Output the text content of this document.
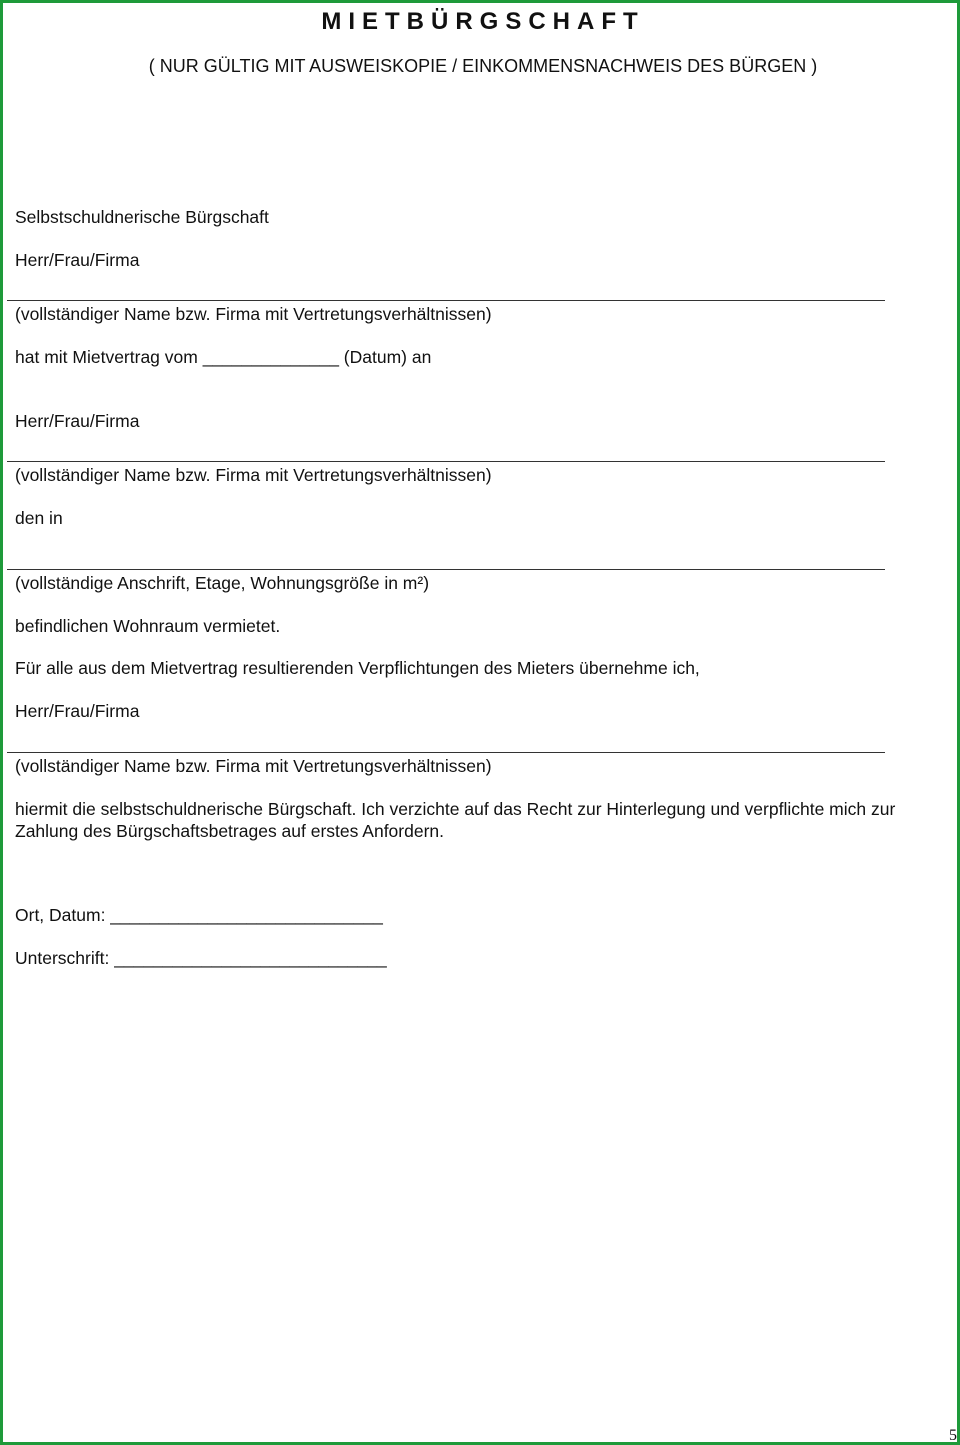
MIETBÜRGSCHAFT
( NUR GÜLTIG MIT AUSWEISKOPIE / EINKOMMENSNACHWEIS DES BÜRGEN )
Selbstschuldnerische Bürgschaft
Herr/Frau/Firma
(vollständiger Name bzw. Firma mit Vertretungsverhältnissen)
hat mit Mietvertrag vom ______________ (Datum) an
Herr/Frau/Firma
(vollständiger Name bzw. Firma mit Vertretungsverhältnissen)
den in
(vollständige Anschrift, Etage, Wohnungsgröße in m²)
befindlichen Wohnraum vermietet.
Für alle aus dem Mietvertrag resultierenden Verpflichtungen des Mieters übernehme ich,
Herr/Frau/Firma
(vollständiger Name bzw. Firma mit Vertretungsverhältnissen)
hiermit die selbstschuldnerische Bürgschaft. Ich verzichte auf das Recht zur Hinterlegung und verpflichte mich zur Zahlung des Bürgschaftsbetrages auf erstes Anfordern.
Ort, Datum: ____________________________
Unterschrift: ____________________________
5
